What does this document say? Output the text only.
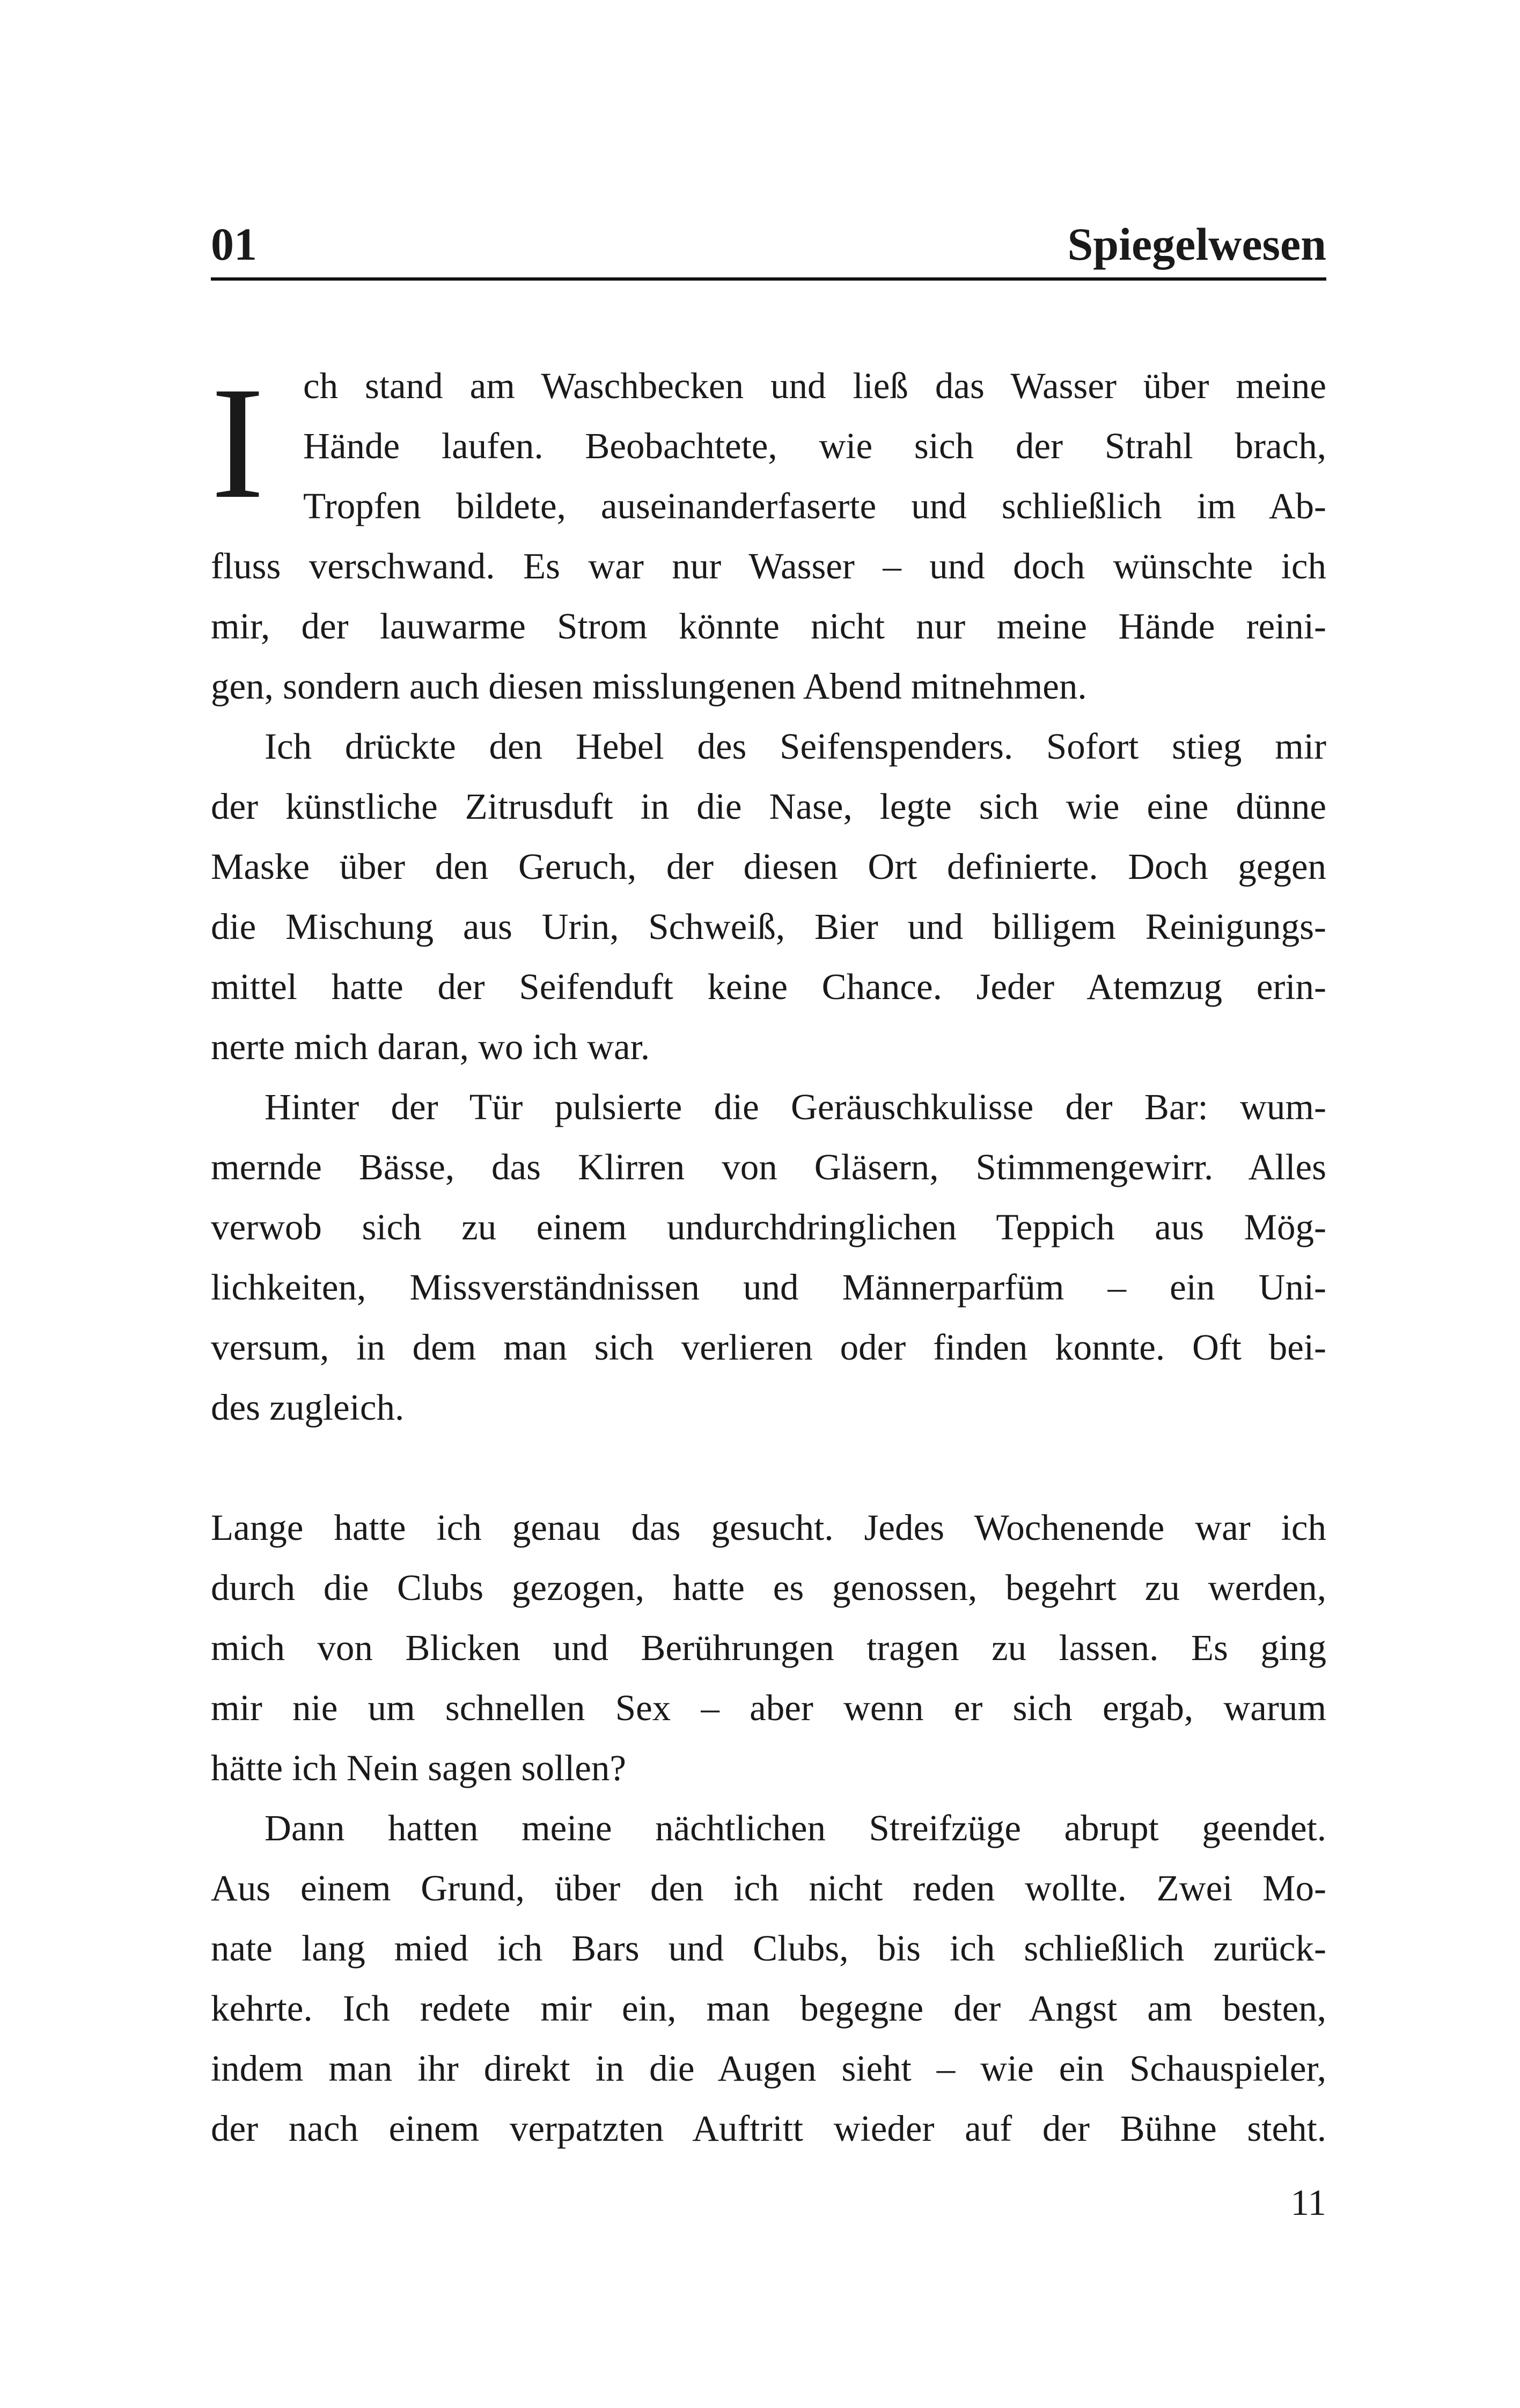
01	Spiegelwesen
I ch stand am Waschbecken und ließ das Wasser über meine
Hände laufen. Beobachtete, wie sich der Strahl brach,
Tropfen bildete, auseinanderfaserte und schließlich im Ab-
fluss verschwand. Es war nur Wasser – und doch wünschte ich
mir, der lauwarme Strom könnte nicht nur meine Hände reini-
gen, sondern auch diesen misslungenen Abend mitnehmen.
Ich drückte den Hebel des Seifenspenders. Sofort stieg mir
der künstliche Zitrusduft in die Nase, legte sich wie eine dünne
Maske über den Geruch, der diesen Ort definierte. Doch gegen
die Mischung aus Urin, Schweiß, Bier und billigem Reinigungs-
mittel hatte der Seifenduft keine Chance. Jeder Atemzug erin-
nerte mich daran, wo ich war.
Hinter der Tür pulsierte die Geräuschkulisse der Bar: wum-
mernde Bässe, das Klirren von Gläsern, Stimmengewirr. Alles
verwob sich zu einem undurchdringlichen Teppich aus Mög-
lichkeiten, Missverständnissen und Männerparfüm – ein Uni-
versum, in dem man sich verlieren oder finden konnte. Oft bei-
des zugleich.
Lange hatte ich genau das gesucht. Jedes Wochenende war ich
durch die Clubs gezogen, hatte es genossen, begehrt zu werden,
mich von Blicken und Berührungen tragen zu lassen. Es ging
mir nie um schnellen Sex – aber wenn er sich ergab, warum
hätte ich Nein sagen sollen?
Dann hatten meine nächtlichen Streifzüge abrupt geendet.
Aus einem Grund, über den ich nicht reden wollte. Zwei Mo-
nate lang mied ich Bars und Clubs, bis ich schließlich zurück-
kehrte. Ich redete mir ein, man begegne der Angst am besten,
indem man ihr direkt in die Augen sieht – wie ein Schauspieler,
der nach einem verpatzten Auftritt wieder auf der Bühne steht.
11
